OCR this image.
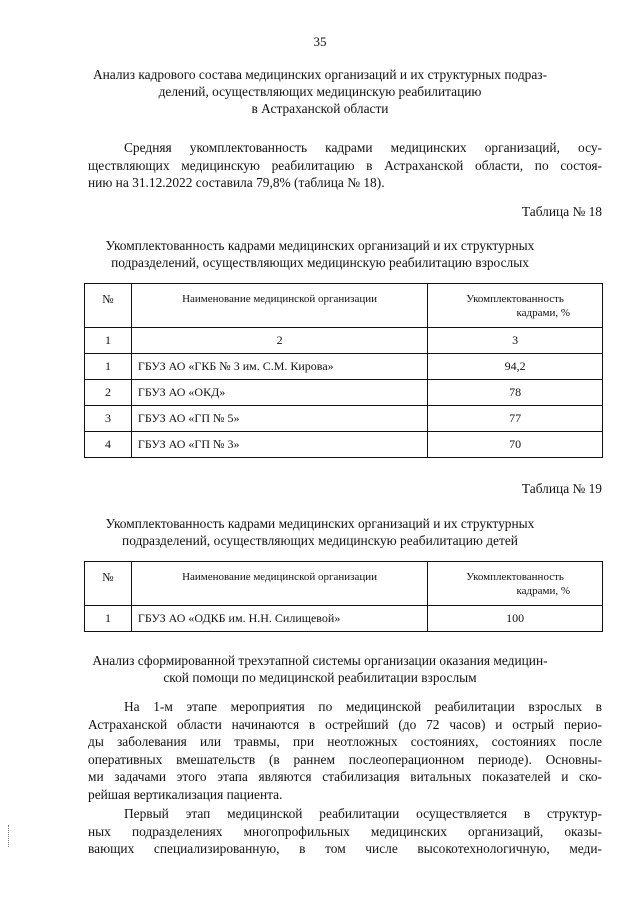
35
Анализ кадрового состава медицинских организаций и их структурных подраз-
делений, осуществляющих медицинскую реабилитацию
в Астраханской области
Средняя укомплектованность кадрами медицинских организаций, осу-
ществляющих медицинскую реабилитацию в Астраханской области, по состоя-
нию на 31.12.2022 составила 79,8% (таблица № 18).
Таблица № 18
Укомплектованность кадрами медицинских организаций и их структурных
подразделений, осуществляющих медицинскую реабилитацию взрослых
№	Наименование медицинской организации	Укомплектованность
кадрами, %

1	2	3
1	ГБУЗ АО «ГКБ № 3 им. С.М. Кирова»	94,2
2	ГБУЗ АО «ОКД»	78
3	ГБУЗ АО «ГП № 5»	77
4	ГБУЗ АО «ГП № 3»	70
Таблица № 19
Укомплектованность кадрами медицинских организаций и их структурных
подразделений, осуществляющих медицинскую реабилитацию детей
№	Наименование медицинской организации	Укомплектованность
кадрами, %

1	ГБУЗ АО «ОДКБ им. Н.Н. Силищевой»	100
Анализ сформированной трехэтапной системы организации оказания медицин-
ской помощи по медицинской реабилитации взрослым
На 1-м этапе мероприятия по медицинской реабилитации взрослых в
Астраханской области начинаются в острейший (до 72 часов) и острый перио-
ды заболевания или травмы, при неотложных состояниях, состояниях после
оперативных вмешательств (в раннем послеоперационном периоде). Основны-
ми задачами этого этапа являются стабилизация витальных показателей и ско-
рейшая вертикализация пациента.
Первый этап медицинской реабилитации осуществляется в структур-
ных подразделениях многопрофильных медицинских организаций, оказы-
вающих специализированную, в том числе высокотехнологичную, меди-
